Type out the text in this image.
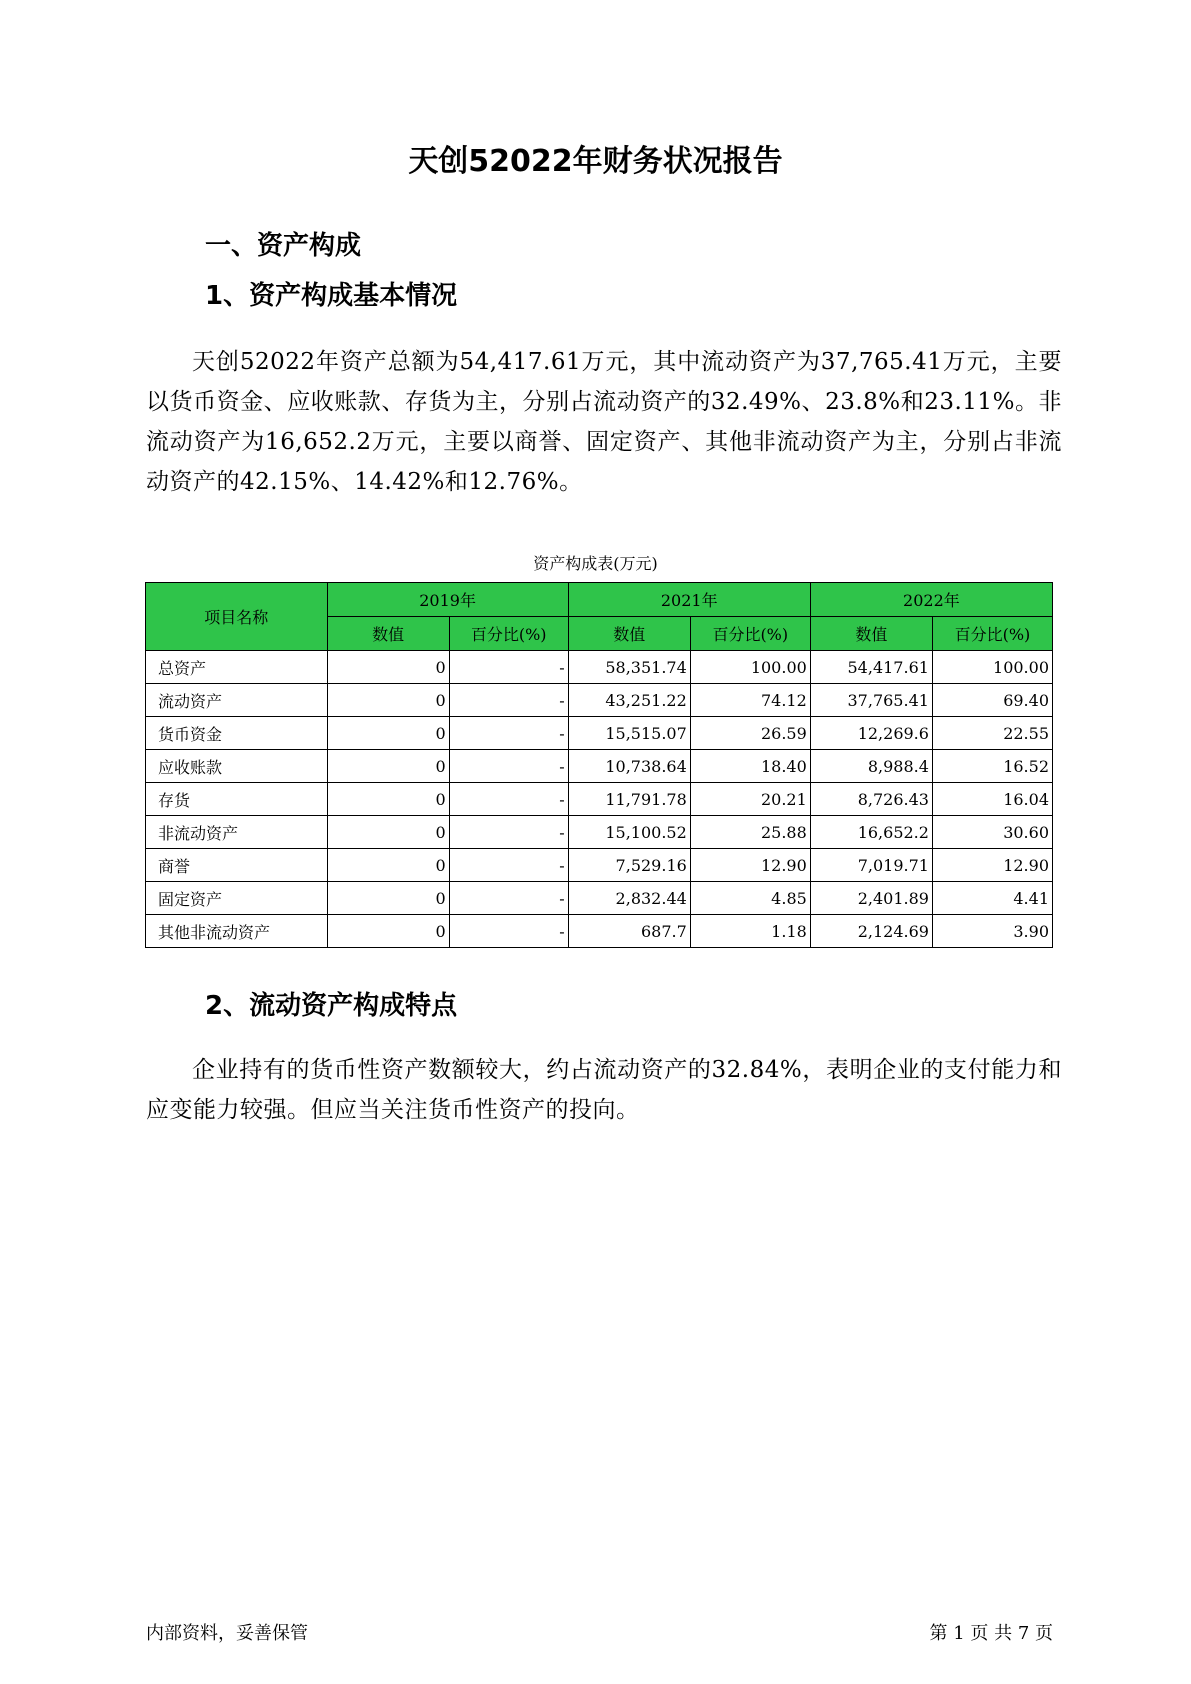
天创52022年财务状况报告
一、资产构成
1、资产构成基本情况
天创52022年资产总额为54,417.61万元，其中流动资产为37,765.41万元，主要以货币资金、应收账款、存货为主，分别占流动资产的32.49%、23.8%和23.11%。非流动资产为16,652.2万元，主要以商誉、固定资产、其他非流动资产为主，分别占非流动资产的42.15%、14.42%和12.76%。
资产构成表(万元)
项目名称	2019年		2021年		2022年	
	数值	百分比(%)	数值	百分比(%)	数值	百分比(%)
总资产	0	-	58,351.74	100.00	54,417.61	100.00
流动资产	0	-	43,251.22	74.12	37,765.41	69.40
货币资金	0	-	15,515.07	26.59	12,269.6	22.55
应收账款	0	-	10,738.64	18.40	8,988.4	16.52
存货	0	-	11,791.78	20.21	8,726.43	16.04
非流动资产	0	-	15,100.52	25.88	16,652.2	30.60
商誉	0	-	7,529.16	12.90	7,019.71	12.90
固定资产	0	-	2,832.44	4.85	2,401.89	4.41
其他非流动资产	0	-	687.7	1.18	2,124.69	3.90
2、流动资产构成特点
企业持有的货币性资产数额较大，约占流动资产的32.84%，表明企业的支付能力和应变能力较强。但应当关注货币性资产的投向。
内部资料，妥善保管	第 1 页 共 7 页
